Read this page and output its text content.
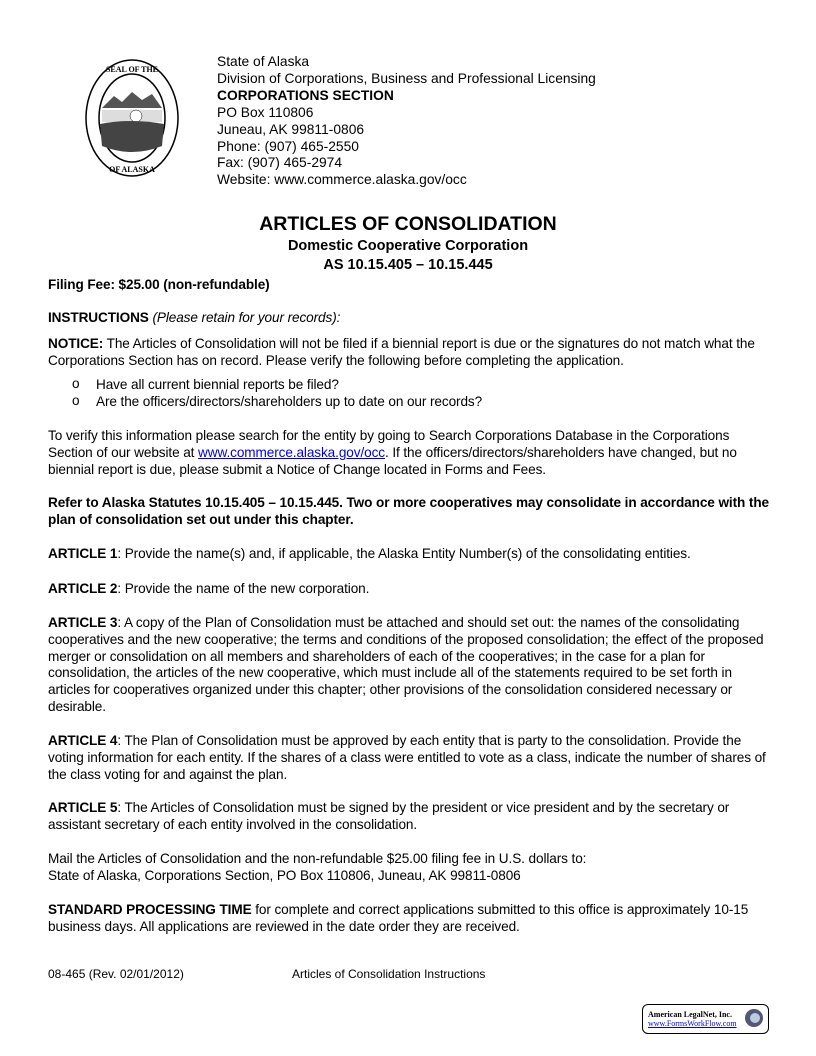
SEAL OF THE
OF ALASKA
State of Alaska
Division of Corporations, Business and Professional Licensing
CORPORATIONS SECTION
PO Box 110806
Juneau, AK 99811-0806
Phone: (907) 465-2550
Fax: (907) 465-2974
Website: www.commerce.alaska.gov/occ
ARTICLES OF CONSOLIDATION
Domestic Cooperative Corporation
AS 10.15.405 – 10.15.445
Filing Fee: $25.00 (non-refundable)
INSTRUCTIONS (Please retain for your records):
NOTICE: The Articles of Consolidation will not be filed if a biennial report is due or the signatures do not match what the Corporations Section has on record. Please verify the following before completing the application.
o Have all current biennial reports be filed?
o Are the officers/directors/shareholders up to date on our records?
To verify this information please search for the entity by going to Search Corporations Database in the Corporations Section of our website at www.commerce.alaska.gov/occ. If the officers/directors/shareholders have changed, but no biennial report is due, please submit a Notice of Change located in Forms and Fees.
Refer to Alaska Statutes 10.15.405 – 10.15.445. Two or more cooperatives may consolidate in accordance with the plan of consolidation set out under this chapter.
ARTICLE 1: Provide the name(s) and, if applicable, the Alaska Entity Number(s) of the consolidating entities.
ARTICLE 2: Provide the name of the new corporation.
ARTICLE 3: A copy of the Plan of Consolidation must be attached and should set out: the names of the consolidating cooperatives and the new cooperative; the terms and conditions of the proposed consolidation; the effect of the proposed merger or consolidation on all members and shareholders of each of the cooperatives; in the case for a plan for consolidation, the articles of the new cooperative, which must include all of the statements required to be set forth in articles for cooperatives organized under this chapter; other provisions of the consolidation considered necessary or desirable.
ARTICLE 4: The Plan of Consolidation must be approved by each entity that is party to the consolidation. Provide the voting information for each entity. If the shares of a class were entitled to vote as a class, indicate the number of shares of the class voting for and against the plan.
ARTICLE 5: The Articles of Consolidation must be signed by the president or vice president and by the secretary or assistant secretary of each entity involved in the consolidation.
Mail the Articles of Consolidation and the non-refundable $25.00 filing fee in U.S. dollars to:
State of Alaska, Corporations Section, PO Box 110806, Juneau, AK 99811-0806
STANDARD PROCESSING TIME for complete and correct applications submitted to this office is approximately 10-15 business days. All applications are reviewed in the date order they are received.
08-465 (Rev. 02/01/2012)	Articles of Consolidation Instructions
American LegalNet, Inc.
www.FormsWorkFlow.com
